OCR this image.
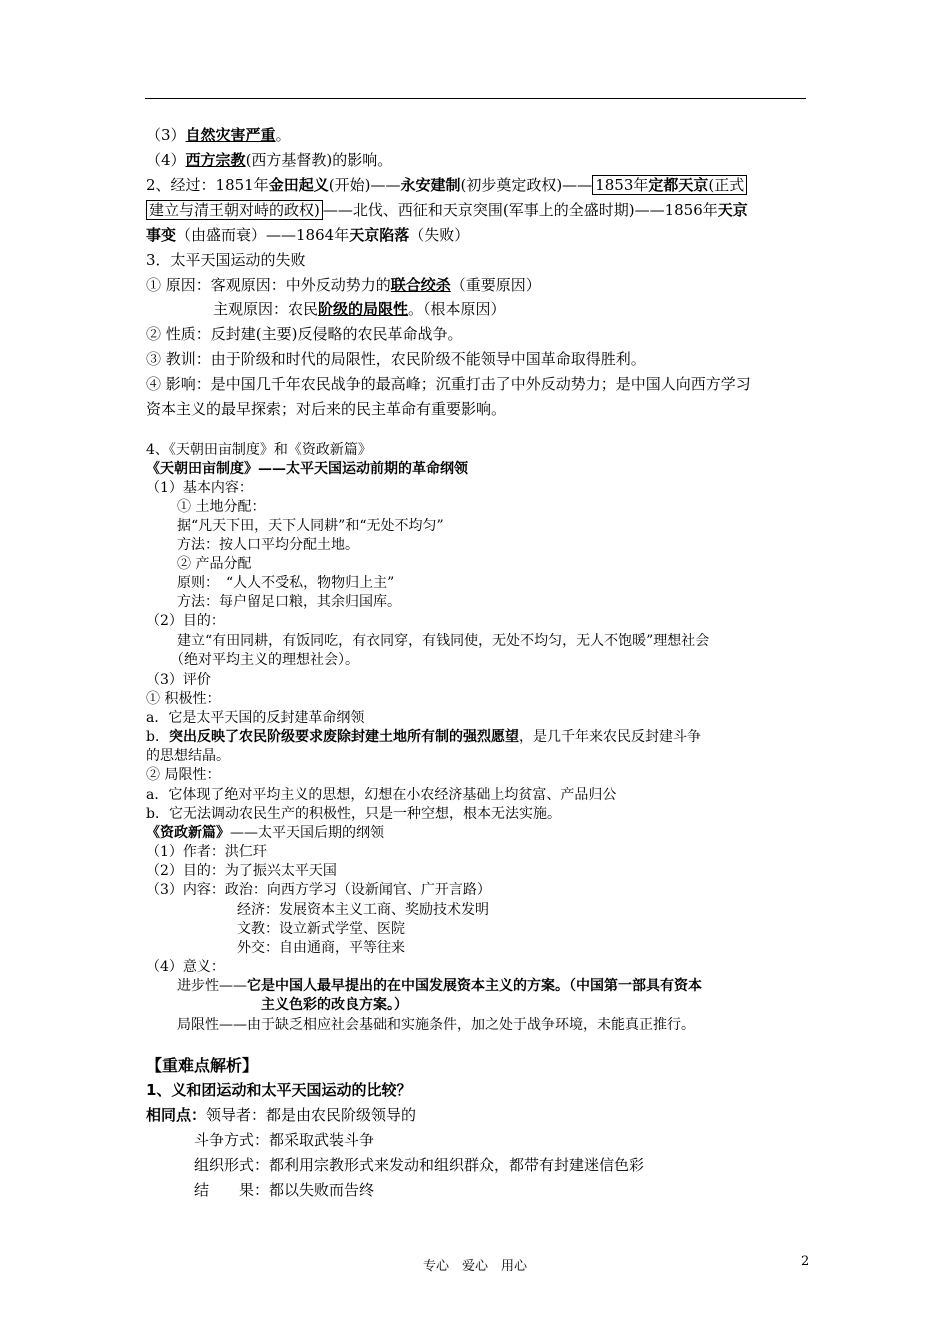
（3）自然灾害严重。
（4）西方宗教(西方基督教)的影响。
2、经过：1851年金田起义(开始)——永安建制(初步奠定政权)—— 1853年定都天京(正式
建立与清王朝对峙的政权) ——北伐、西征和天京突围(军事上的全盛时期)——1856年天京
事变（由盛而衰）——1864年天京陷落（失败）
3．太平天国运动的失败
① 原因：客观原因：中外反动势力的联合绞杀（重要原因）
主观原因：农民阶级的局限性。（根本原因）
② 性质：反封建(主要)反侵略的农民革命战争。
③ 教训：由于阶级和时代的局限性，农民阶级不能领导中国革命取得胜利。
④ 影响：是中国几千年农民战争的最高峰；沉重打击了中外反动势力；是中国人向西方学习
资本主义的最早探索；对后来的民主革命有重要影响。
4、《天朝田亩制度》和《资政新篇》
《天朝田亩制度》——太平天国运动前期的革命纲领
（1）基本内容：
① 土地分配：
据“凡天下田，天下人同耕”和“无处不均匀”
方法：按人口平均分配土地。
② 产品分配
原则：　“人人不受私，物物归上主”
方法：每户留足口粮，其余归国库。
（2）目的：
建立“有田同耕，有饭同吃，有衣同穿，有钱同使，无处不均匀，无人不饱暖”理想社会
（绝对平均主义的理想社会）。
（3）评价
① 积极性：
a．它是太平天国的反封建革命纲领
b．突出反映了农民阶级要求废除封建土地所有制的强烈愿望，是几千年来农民反封建斗争
的思想结晶。
② 局限性：
a．它体现了绝对平均主义的思想，幻想在小农经济基础上均贫富、产品归公
b．它无法调动农民生产的积极性，只是一种空想，根本无法实施。
《资政新篇》——太平天国后期的纲领
（1）作者：洪仁玕
（2）目的：为了振兴太平天国
（3）内容：政治：向西方学习（设新闻官、广开言路）
经济：发展资本主义工商、奖励技术发明
文教：设立新式学堂、医院
外交：自由通商，平等往来
（4）意义：
进步性——它是中国人最早提出的在中国发展资本主义的方案。（中国第一部具有资本
主义色彩的改良方案。）
局限性——由于缺乏相应社会基础和实施条件，加之处于战争环境，未能真正推行。
【重难点解析】
1、义和团运动和太平天国运动的比较？
相同点：领导者：都是由农民阶级领导的
斗争方式：都采取武装斗争
组织形式：都利用宗教形式来发动和组织群众，都带有封建迷信色彩
结　　果：都以失败而告终
专心　爱心　用心	2
